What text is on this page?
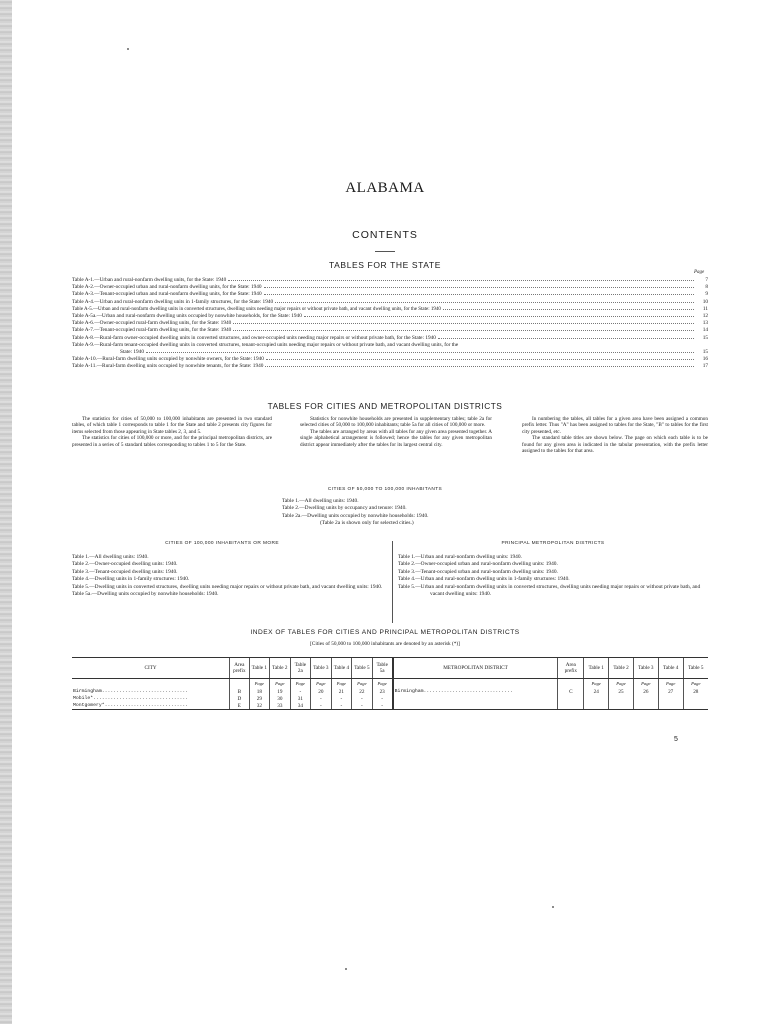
ALABAMA
CONTENTS
TABLES FOR THE STATE
Page
Table A-1.—Urban and rural-nonfarm dwelling units, for the State: 1940	7
Table A-2.—Owner-occupied urban and rural-nonfarm dwelling units, for the State: 1940	8
Table A-3.—Tenant-occupied urban and rural-nonfarm dwelling units, for the State: 1940	9
Table A-4.—Urban and rural-nonfarm dwelling units in 1-family structures, for the State: 1940	10
Table A-5.—Urban and rural-nonfarm dwelling units in converted structures, dwelling units needing major repairs or without private bath, and vacant dwelling units, for the State: 1940	11
Table A-5a.—Urban and rural-nonfarm dwelling units occupied by nonwhite households, for the State: 1940	12
Table A-6.—Owner-occupied rural-farm dwelling units, for the State: 1940	13
Table A-7.—Tenant-occupied rural-farm dwelling units, for the State: 1940	14
Table A-8.—Rural-farm owner-occupied dwelling units in converted structures, and owner-occupied units needing major repairs or without private bath, for the State: 1940	15
Table A-9.—Rural-farm tenant-occupied dwelling units in converted structures, tenant-occupied units needing major repairs or without private bath, and vacant dwelling units, for the
State: 1940	15
Table A-10.—Rural-farm dwelling units occupied by nonwhite owners, for the State: 1940	16
Table A-11.—Rural-farm dwelling units occupied by nonwhite tenants, for the State: 1940	17
TABLES FOR CITIES AND METROPOLITAN DISTRICTS
The statistics for cities of 50,000 to 100,000 inhabitants are presented in two standard tables, of which table 1 corresponds to table 1 for the State and table 2 presents city figures for items selected from those appearing in State tables 2, 3, and 5.
The statistics for cities of 100,000 or more, and for the principal metropolitan districts, are presented in a series of 5 standard tables corresponding to tables 1 to 5 for the State.
Statistics for nonwhite households are presented in supplementary tables; table 2a for selected cities of 50,000 to 100,000 inhabitants; table 5a for all cities of 100,000 or more.
The tables are arranged by areas with all tables for any given area presented together. A single alphabetical arrangement is followed; hence the tables for any given metropolitan district appear immediately after the tables for its largest central city.
In numbering the tables, all tables for a given area have been assigned a common prefix letter. Thus "A" has been assigned to tables for the State, "B" to tables for the first city presented, etc.
The standard table titles are shown below. The page on which each table is to be found for any given area is indicated in the tabular presentation, with the prefix letter assigned to the tables for that area.
CITIES OF 50,000 TO 100,000 INHABITANTS
Table 1.—All dwelling units: 1940.
Table 2.—Dwelling units by occupancy and tenure: 1940.
Table 2a.—Dwelling units occupied by nonwhite households: 1940.
(Table 2a is shown only for selected cities.)
CITIES OF 100,000 INHABITANTS OR MORE	PRINCIPAL METROPOLITAN DISTRICTS
Table 1.—All dwelling units: 1940.
Table 2.—Owner-occupied dwelling units: 1940.
Table 3.—Tenant-occupied dwelling units: 1940.
Table 4.—Dwelling units in 1-family structures: 1940.
Table 5.—Dwelling units in converted structures, dwelling units needing major repairs or without private bath, and vacant dwelling units: 1940.
Table 5a.—Dwelling units occupied by nonwhite households: 1940.
Table 1.—Urban and rural-nonfarm dwelling units: 1940.
Table 2.—Owner-occupied urban and rural-nonfarm dwelling units: 1940.
Table 3.—Tenant-occupied urban and rural-nonfarm dwelling units: 1940.
Table 4.—Urban and rural-nonfarm dwelling units in 1-family structures: 1940.
Table 5.—Urban and rural-nonfarm dwelling units in converted structures, dwelling units needing major repairs or without private bath, and vacant dwelling units: 1940.
INDEX OF TABLES FOR CITIES AND PRINCIPAL METROPOLITAN DISTRICTS
[Cities of 50,000 to 100,000 inhabitants are denoted by an asterisk (*)]
CITY	Area prefix	Table 1	Table 2	Table 2a	Table 3	Table 4	Table 5	Table 5a	METROPOLITAN DISTRICT	Area prefix	Table 1	Table 2	Table 3	Table 4	Table 5
		Page	Page	Page	Page	Page	Page	Page			Page	Page	Page	Page	Page
Birmingham..............................	B	18	19	-	20	21	22	23	Birmingham...............................	C	24	25	26	27	28
Mobile*.................................	D	29	30	31	-	-	-	-							
Montgomery*.............................	E	32	33	34	-	-	-	-							
5
